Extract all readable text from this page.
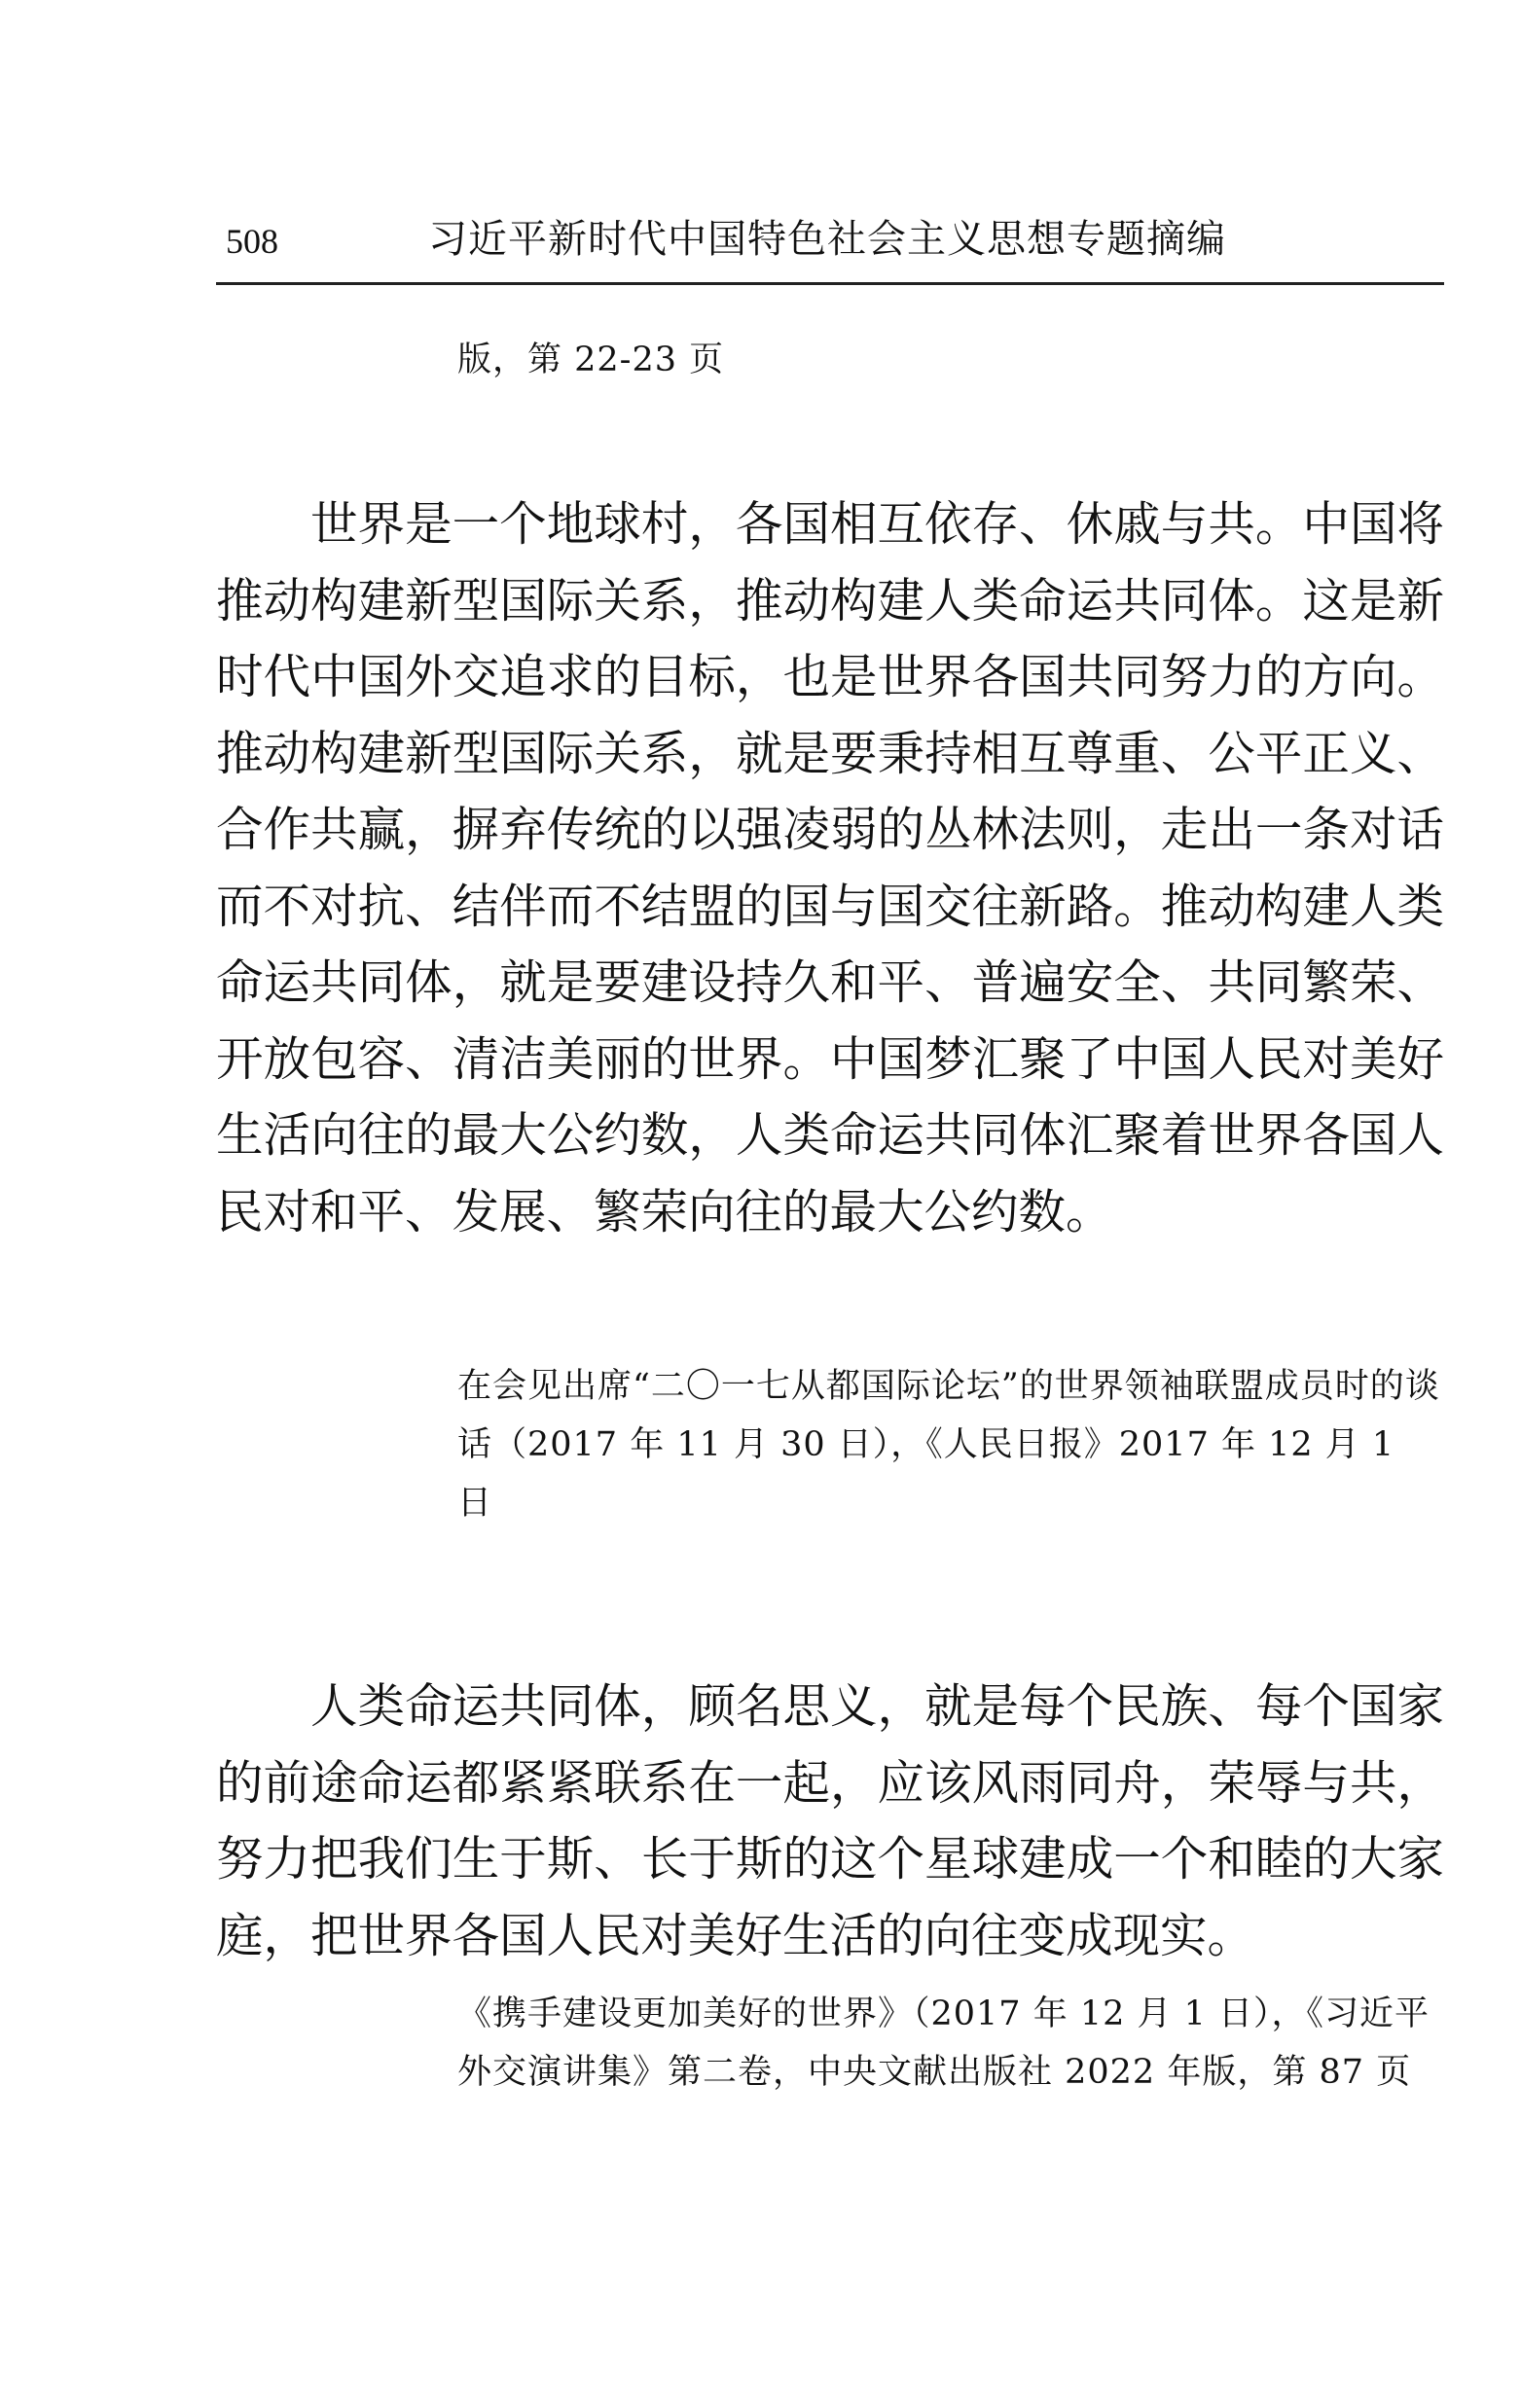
508	习近平新时代中国特色社会主义思想专题摘编

版，第 22-23 页

世界是一个地球村，各国相互依存、休戚与共。中国将推动构建新型国际关系，推动构建人类命运共同体。这是新时代中国外交追求的目标，也是世界各国共同努力的方向。推动构建新型国际关系，就是要秉持相互尊重、公平正义、合作共赢，摒弃传统的以强凌弱的丛林法则，走出一条对话而不对抗、结伴而不结盟的国与国交往新路。推动构建人类命运共同体，就是要建设持久和平、普遍安全、共同繁荣、开放包容、清洁美丽的世界。中国梦汇聚了中国人民对美好生活向往的最大公约数，人类命运共同体汇聚着世界各国人民对和平、发展、繁荣向往的最大公约数。

在会见出席“二〇一七从都国际论坛”的世界领袖联盟成员时的谈话（2017 年 11 月 30 日），《人民日报》2017 年 12 月 1 日

人类命运共同体，顾名思义，就是每个民族、每个国家的前途命运都紧紧联系在一起，应该风雨同舟，荣辱与共，努力把我们生于斯、长于斯的这个星球建成一个和睦的大家庭，把世界各国人民对美好生活的向往变成现实。

《携手建设更加美好的世界》（2017 年 12 月 1 日），《习近平外交演讲集》第二卷，中央文献出版社 2022 年版，第 87 页
